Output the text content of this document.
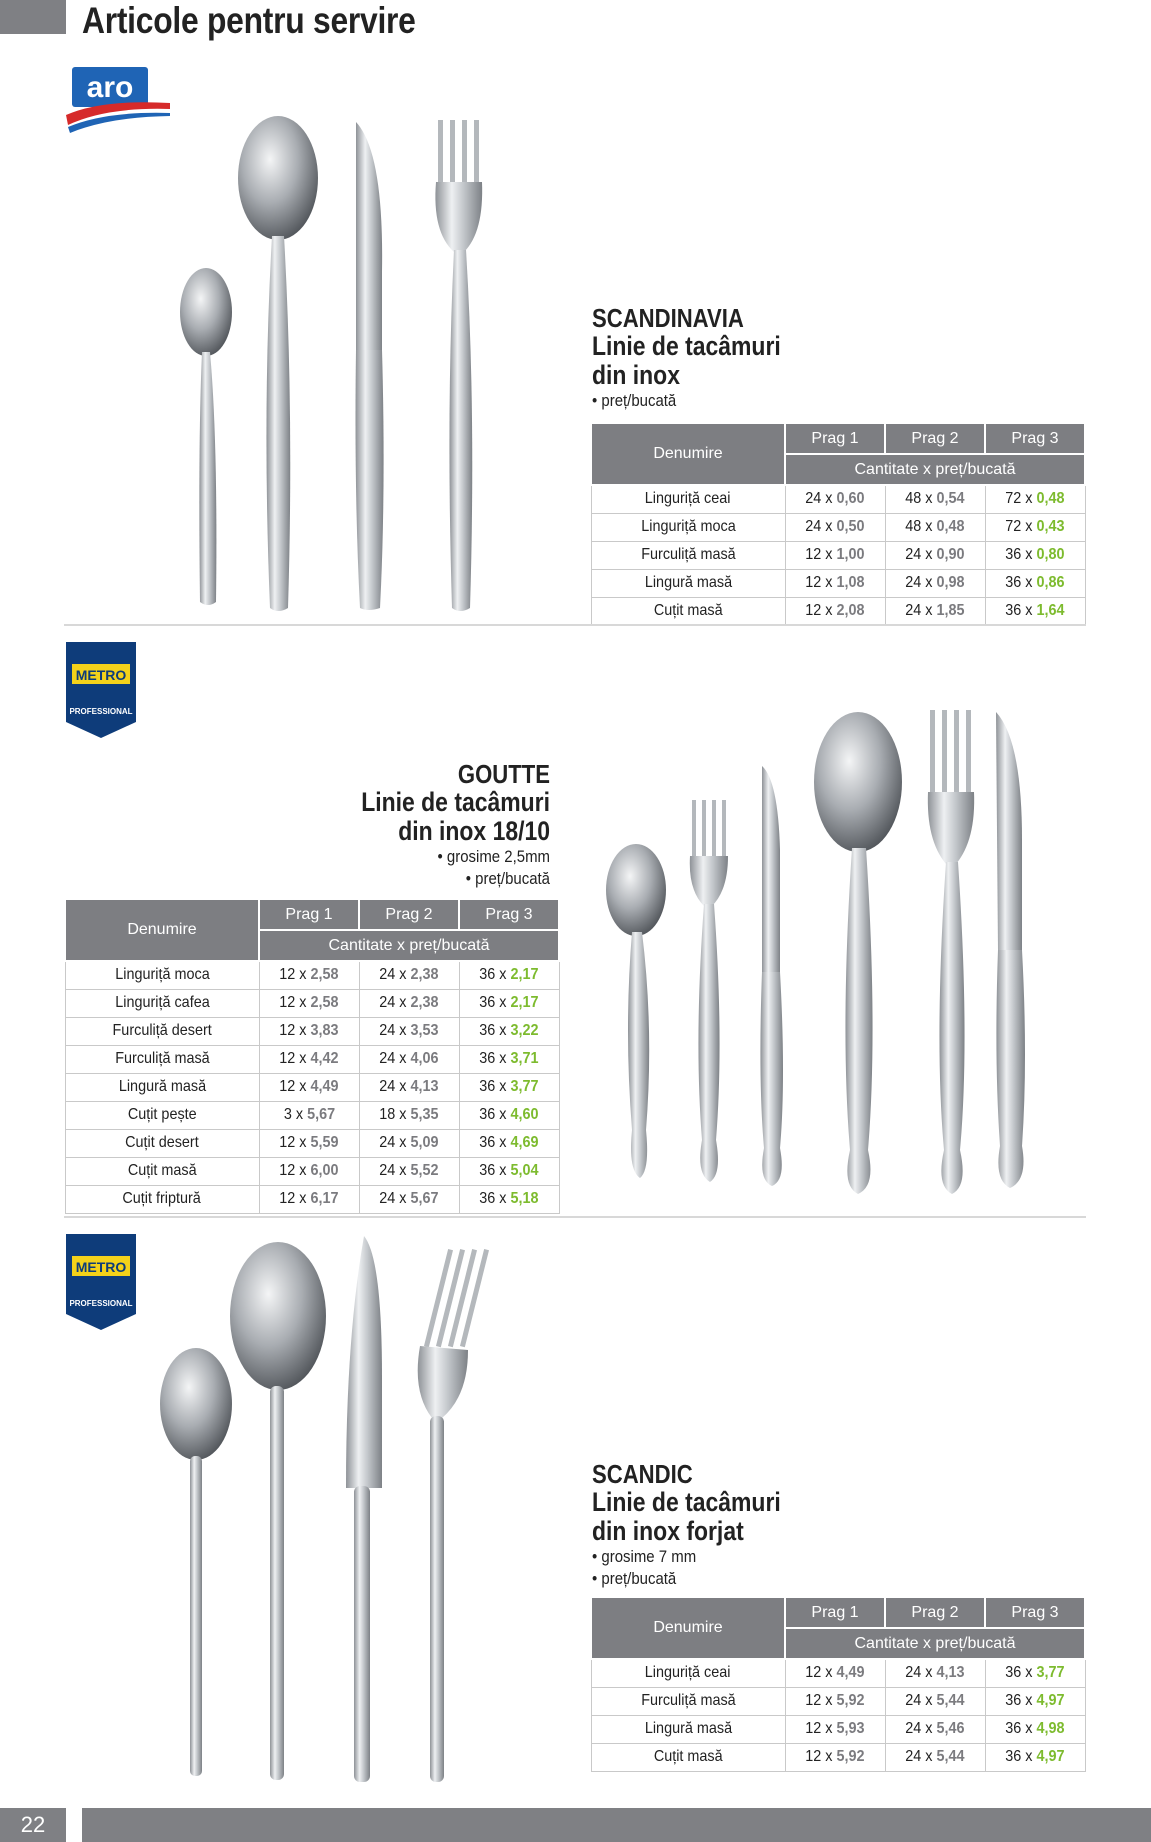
Articole pentru servire
aro
SCANDINAVIA
Linie de tacâmuri
din inox
• preț/bucată
Denumire	Prag 1	Prag 2	Prag 3
	Cantitate x preț/bucată		
Linguriță ceai	24 x 0,60	48 x 0,54	72 x 0,48
Linguriță moca	24 x 0,50	48 x 0,48	72 x 0,43
Furculiță masă	12 x 1,00	24 x 0,90	36 x 0,80
Lingură masă	12 x 1,08	24 x 0,98	36 x 0,86
Cuțit masă	12 x 2,08	24 x 1,85	36 x 1,64
METRO
PROFESSIONAL
GOUTTE
Linie de tacâmuri
din inox 18/10
• grosime 2,5mm
• preț/bucată
Denumire	Prag 1	Prag 2	Prag 3
	Cantitate x preț/bucată		
Linguriță moca	12 x 2,58	24 x 2,38	36 x 2,17
Linguriță cafea	12 x 2,58	24 x 2,38	36 x 2,17
Furculiță desert	12 x 3,83	24 x 3,53	36 x 3,22
Furculiță masă	12 x 4,42	24 x 4,06	36 x 3,71
Lingură masă	12 x 4,49	24 x 4,13	36 x 3,77
Cuțit pește	3 x 5,67	18 x 5,35	36 x 4,60
Cuțit desert	12 x 5,59	24 x 5,09	36 x 4,69
Cuțit masă	12 x 6,00	24 x 5,52	36 x 5,04
Cuțit friptură	12 x 6,17	24 x 5,67	36 x 5,18
METRO
PROFESSIONAL
SCANDIC
Linie de tacâmuri
din inox forjat
• grosime 7 mm
• preț/bucată
Denumire	Prag 1	Prag 2	Prag 3
	Cantitate x preț/bucată		
Linguriță ceai	12 x 4,49	24 x 4,13	36 x 3,77
Furculiță masă	12 x 5,92	24 x 5,44	36 x 4,97
Lingură masă	12 x 5,93	24 x 5,46	36 x 4,98
Cuțit masă	12 x 5,92	24 x 5,44	36 x 4,97
22
